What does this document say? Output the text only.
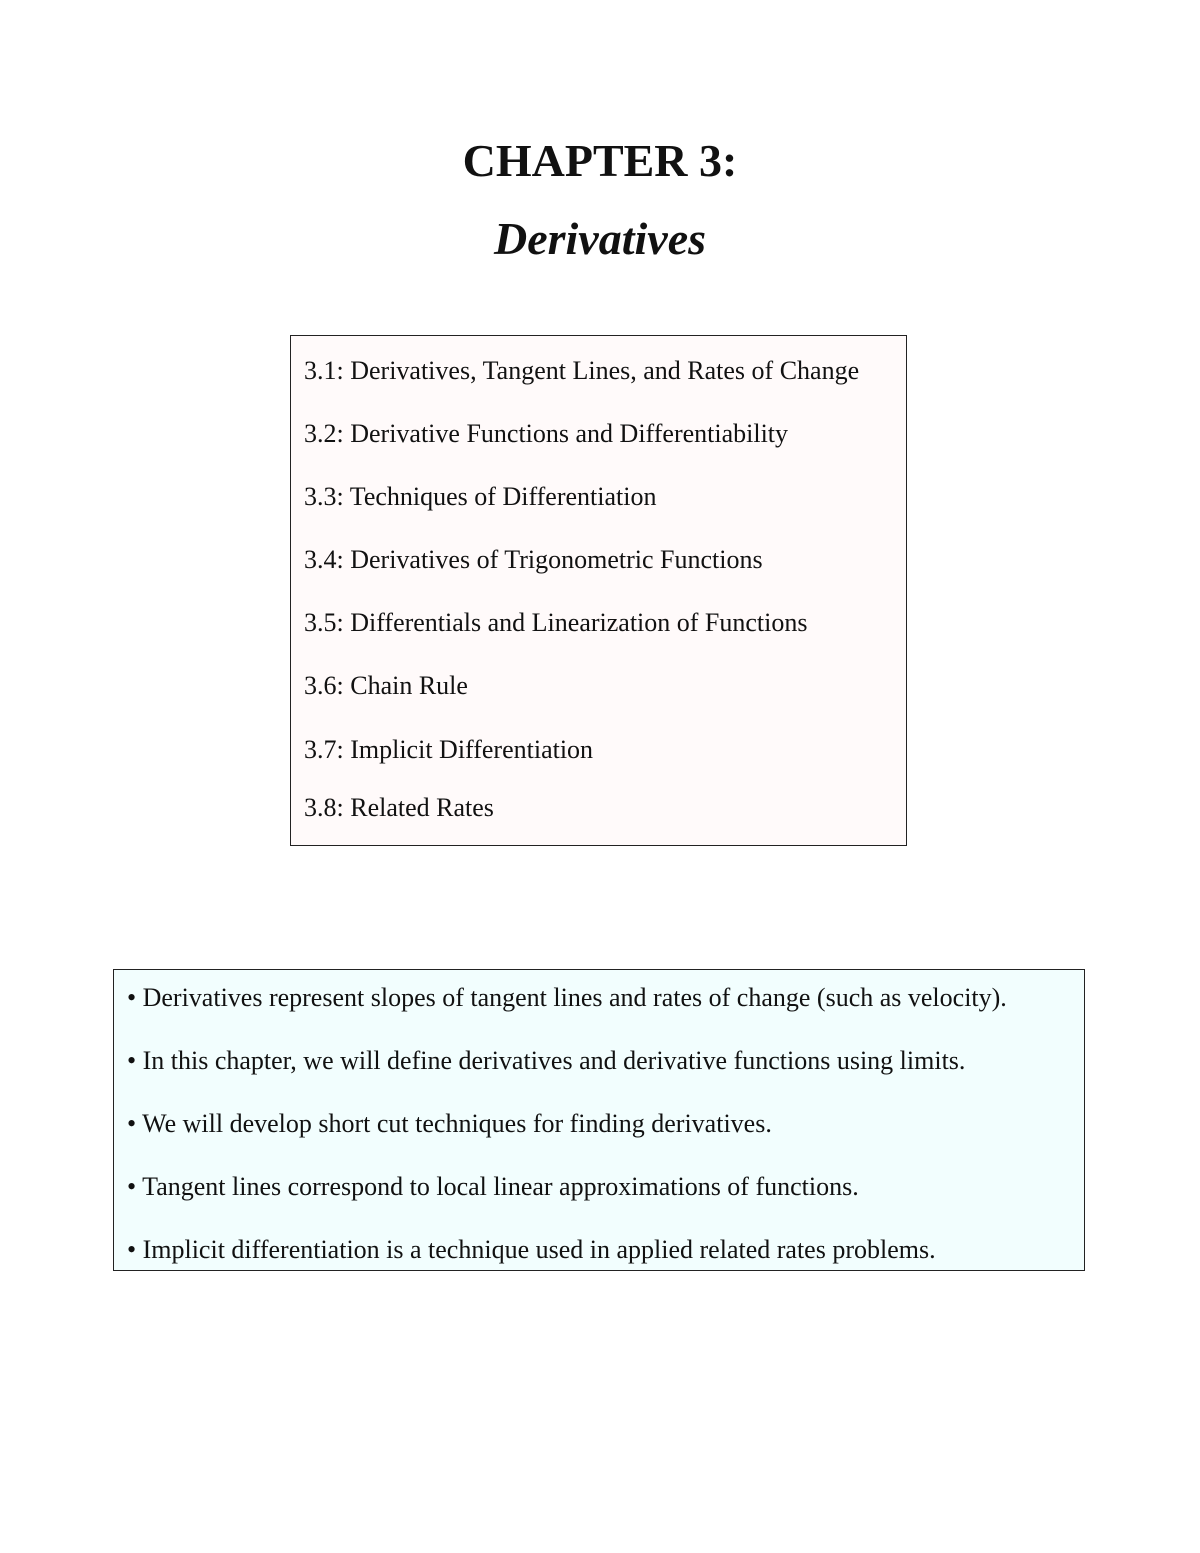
CHAPTER 3:
Derivatives
3.1: Derivatives, Tangent Lines, and Rates of Change
3.2: Derivative Functions and Differentiability
3.3: Techniques of Differentiation
3.4: Derivatives of Trigonometric Functions
3.5: Differentials and Linearization of Functions
3.6: Chain Rule
3.7: Implicit Differentiation
3.8: Related Rates
• Derivatives represent slopes of tangent lines and rates of change (such as velocity).
• In this chapter, we will define derivatives and derivative functions using limits.
• We will develop short cut techniques for finding derivatives.
• Tangent lines correspond to local linear approximations of functions.
• Implicit differentiation is a technique used in applied related rates problems.
